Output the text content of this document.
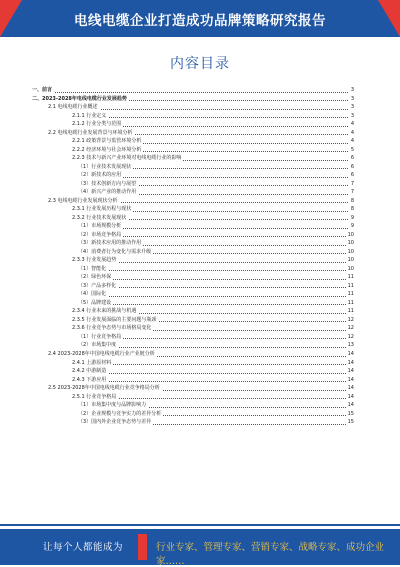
电线电缆企业打造成功品牌策略研究报告
内容目录
一、前言	3
二、2023-2028年电线电缆行业发展趋势	3
2.1 电线电缆行业概述	3
2.1.1 行业定义	3
2.1.2 行业分类与范围	4
2.2 电线电缆行业发展背景与环境分析	4
2.2.1 政策背景与监管环境分析	4
2.2.2 经济环境与社会环境分析	5
2.2.3 技术与新兴产业环境对电线电缆行业的影响	6
（1）行业技术发展现状	6
（2）新技术的应用	6
（3）技术创新方向与展望	7
（4）新兴产业的推动作用	7
2.3 电线电缆行业发展现状分析	8
2.3.1 行业发展历程与现状	8
2.3.2 行业技术发展现状	9
（1）市场规模分析	9
（2）市场竞争格局	10
（3）新技术应用的推动作用	10
（4）消费者行为变化与需求升级	10
2.3.3 行业发展趋势	10
（1）智能化	10
（2）绿色环保	11
（3）产品多样化	11
（4）国际化	11
（5）品牌建设	11
2.3.4 行业未来的挑战与机遇	11
2.3.5 行业发展面临的主要问题与瓶颈	12
2.3.6 行业竞争态势与市场格局变化	12
（1）行业竞争格局	12
（2）市场集中度	13
2.4 2023-2028年中国电线电缆行业产业链分析	14
2.4.1 上游原材料	14
2.4.2 中游制造	14
2.4.3 下游应用	14
2.5 2023-2028年中国电线电缆行业竞争格局分析	14
2.5.1 行业竞争格局	14
（1）市场集中度与品牌影响力	14
（2）企业规模与竞争实力的差异分析	15
（3）国内外企业竞争态势与差异	15
让每个人都能成为	行业专家、管理专家、营销专家、战略专家、成功企业家……
